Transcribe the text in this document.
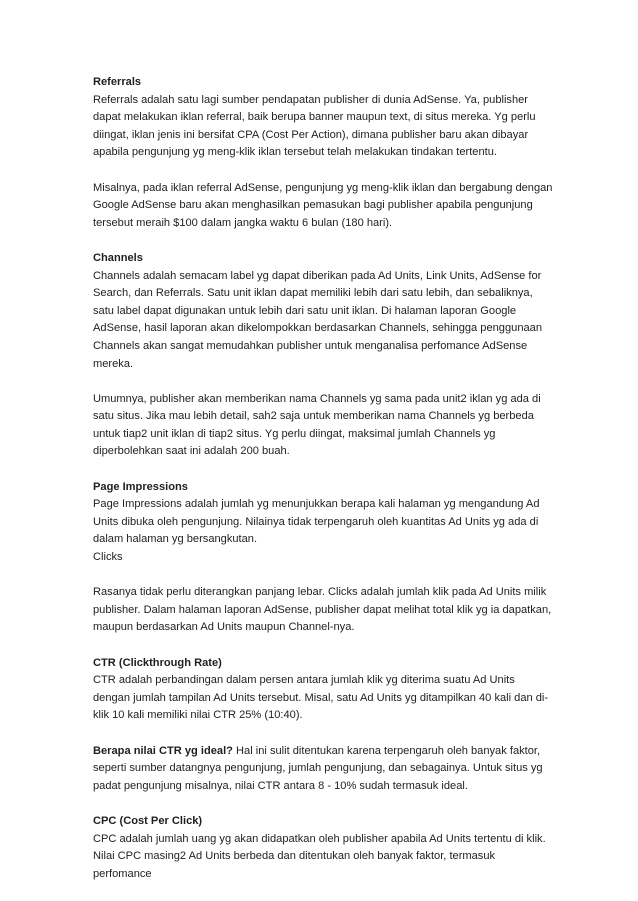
Referrals
Referrals adalah satu lagi sumber pendapatan publisher di dunia AdSense. Ya, publisher dapat melakukan iklan referral, baik berupa banner maupun text, di situs mereka. Yg perlu diingat, iklan jenis ini bersifat CPA (Cost Per Action), dimana publisher baru akan dibayar apabila pengunjung yg meng-klik iklan tersebut telah melakukan tindakan tertentu.

Misalnya, pada iklan referral AdSense, pengunjung yg meng-klik iklan dan bergabung dengan Google AdSense baru akan menghasilkan pemasukan bagi publisher apabila pengunjung tersebut meraih $100 dalam jangka waktu 6 bulan (180 hari).

Channels
Channels adalah semacam label yg dapat diberikan pada Ad Units, Link Units, AdSense for Search, dan Referrals. Satu unit iklan dapat memiliki lebih dari satu lebih, dan sebaliknya, satu label dapat digunakan untuk lebih dari satu unit iklan. Di halaman laporan Google AdSense, hasil laporan akan dikelompokkan berdasarkan Channels, sehingga penggunaan Channels akan sangat memudahkan publisher untuk menganalisa perfomance AdSense mereka.

Umumnya, publisher akan memberikan nama Channels yg sama pada unit2 iklan yg ada di satu situs. Jika mau lebih detail, sah2 saja untuk memberikan nama Channels yg berbeda untuk tiap2 unit iklan di tiap2 situs. Yg perlu diingat, maksimal jumlah Channels yg diperbolehkan saat ini adalah 200 buah.

Page Impressions
Page Impressions adalah jumlah yg menunjukkan berapa kali halaman yg mengandung Ad Units dibuka oleh pengunjung. Nilainya tidak terpengaruh oleh kuantitas Ad Units yg ada di dalam halaman yg bersangkutan.
Clicks

Rasanya tidak perlu diterangkan panjang lebar. Clicks adalah jumlah klik pada Ad Units milik publisher. Dalam halaman laporan AdSense, publisher dapat melihat total klik yg ia dapatkan, maupun berdasarkan Ad Units maupun Channel-nya.

CTR (Clickthrough Rate)
CTR adalah perbandingan dalam persen antara jumlah klik yg diterima suatu Ad Units dengan jumlah tampilan Ad Units tersebut. Misal, satu Ad Units yg ditampilkan 40 kali dan di-klik 10 kali memiliki nilai CTR 25% (10:40).

Berapa nilai CTR yg ideal? Hal ini sulit ditentukan karena terpengaruh oleh banyak faktor, seperti sumber datangnya pengunjung, jumlah pengunjung, dan sebagainya. Untuk situs yg padat pengunjung misalnya, nilai CTR antara 8 - 10% sudah termasuk ideal.

CPC (Cost Per Click)
CPC adalah jumlah uang yg akan didapatkan oleh publisher apabila Ad Units tertentu di klik. Nilai CPC masing2 Ad Units berbeda dan ditentukan oleh banyak faktor, termasuk perfomance
